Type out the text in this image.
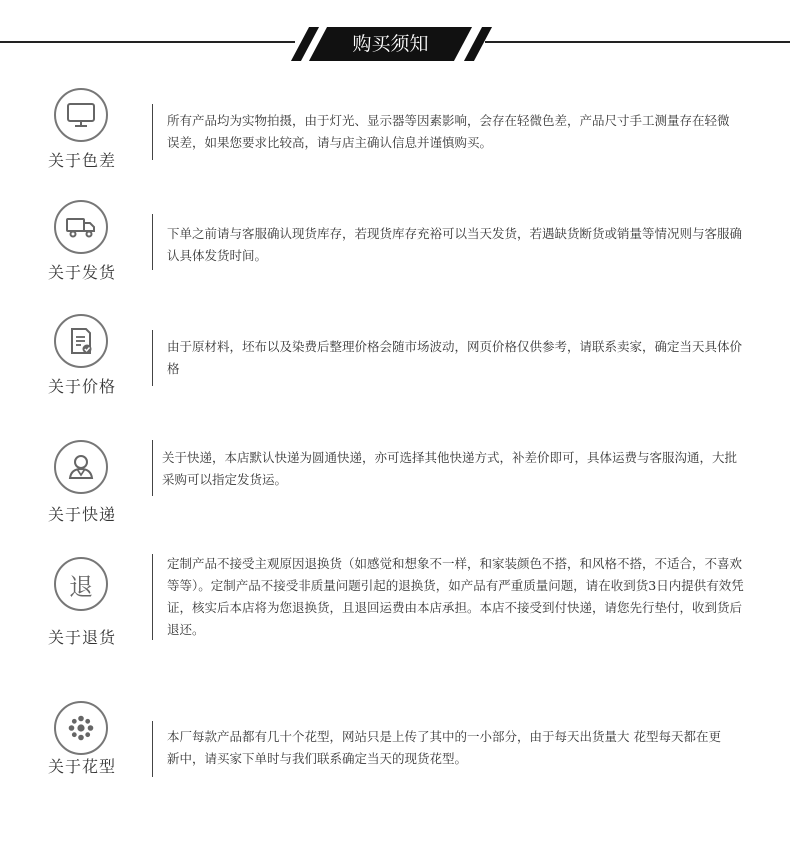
购买须知
关于色差

所有产品均为实物拍摄，由于灯光、显示器等因素影响，会存在轻微色差，产品尺寸手工测量存在轻微误差，如果您要求比较高，请与店主确认信息并谨慎购买。

关于发货

下单之前请与客服确认现货库存，若现货库存充裕可以当天发货，若遇缺货断货或销量等情况则与客服确认具体发货时间。

关于价格

由于原材料，坯布以及染费后整理价格会随市场波动，网页价格仅供参考，请联系卖家，确定当天具体价格

关于快递

关于快递，本店默认快递为圆通快递，亦可选择其他快递方式，补差价即可，具体运费与客服沟通，大批采购可以指定发货运。

退
关于退货

定制产品不接受主观原因退换货（如感觉和想象不一样，和家装颜色不搭，和风格不搭，不适合，不喜欢等等）。定制产品不接受非质量问题引起的退换货，如产品有严重质量问题，请在收到货3日内提供有效凭证，核实后本店将为您退换货，且退回运费由本店承担。本店不接受到付快递，请您先行垫付，收到货后退还。

关于花型

本厂每款产品都有几十个花型，网站只是上传了其中的一小部分，由于每天出货量大 花型每天都在更新中，请买家下单时与我们联系确定当天的现货花型。
